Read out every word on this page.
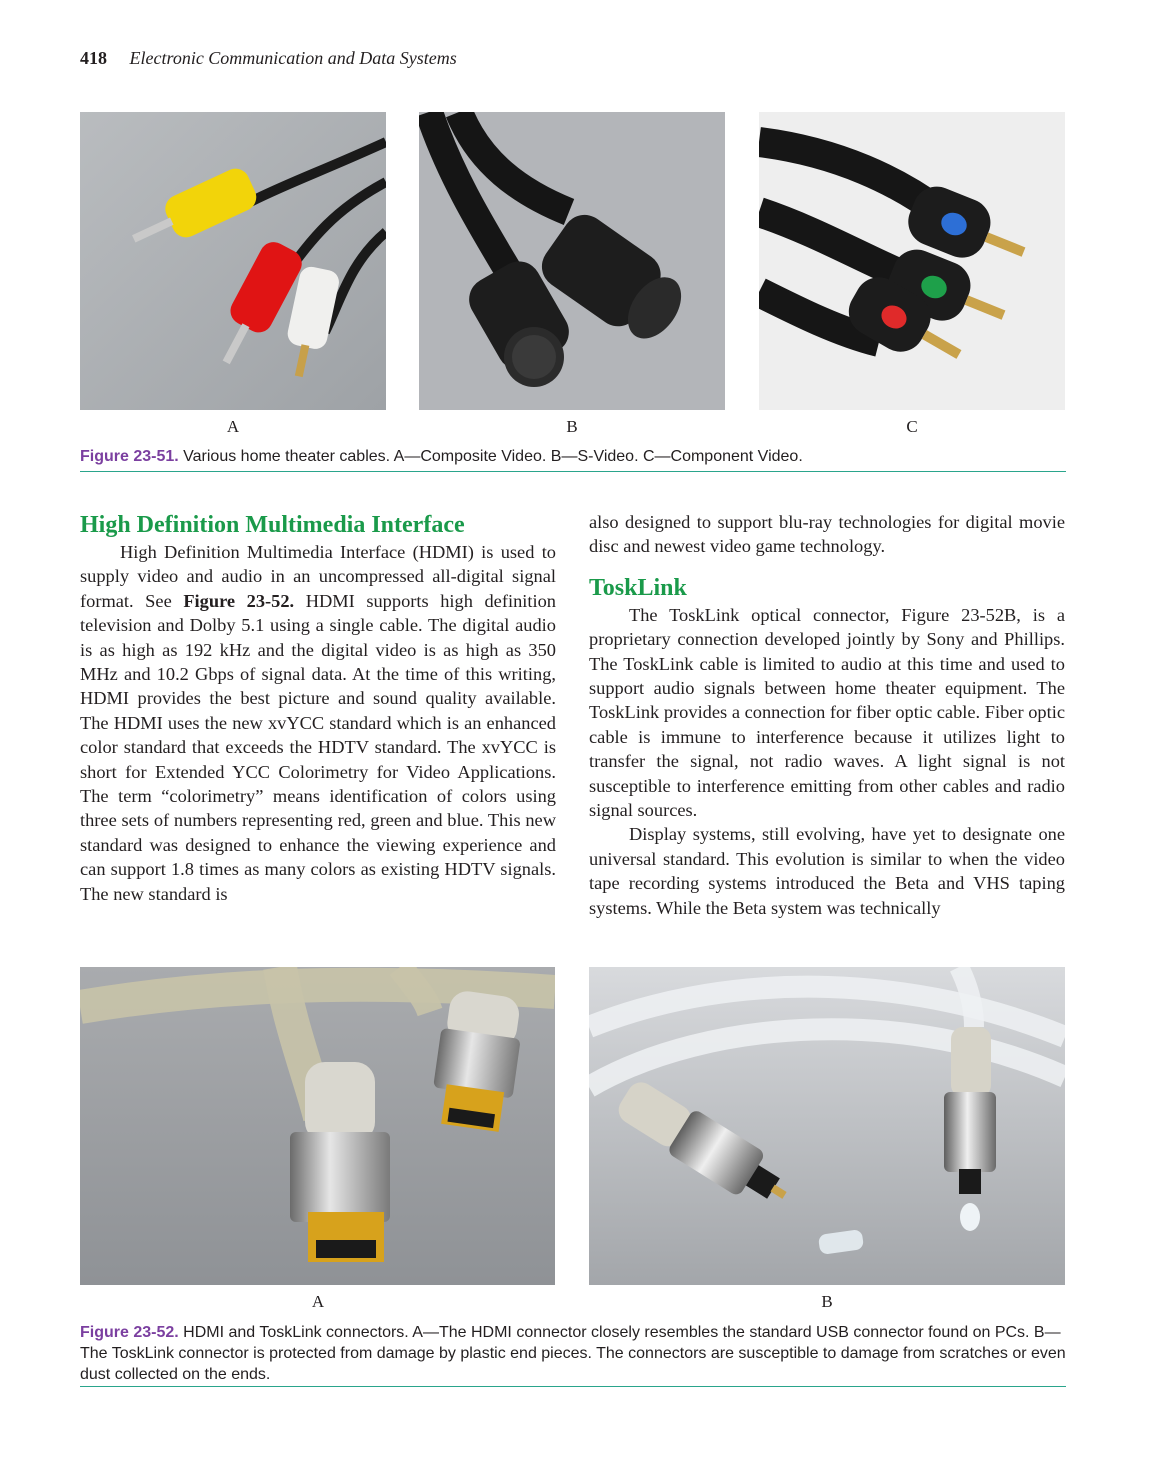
418 Electronic Communication and Data Systems
A	B	C
Figure 23-51. Various home theater cables. A—Composite Video. B—S-Video. C—Component Video.
High Definition Multimedia Interface

High Definition Multimedia Interface (HDMI) is used to supply video and audio in an uncompressed all-digital signal format. See Figure 23-52. HDMI supports high definition television and Dolby 5.1 using a single cable. The digital audio is as high as 192 kHz and the digital video is as high as 350 MHz and 10.2 Gbps of signal data. At the time of this writing, HDMI provides the best picture and sound quality available. The HDMI uses the new xvYCC standard which is an enhanced color standard that exceeds the HDTV standard. The xvYCC is short for Extended YCC Colorimetry for Video Applications. The term “colorimetry” means identification of colors using three sets of numbers representing red, green and blue. This new standard was designed to enhance the viewing experience and can support 1.8 times as many colors as existing HDTV signals. The new standard is

also designed to support blu-ray technologies for digital movie disc and newest video game technology.

ToskLink

The ToskLink optical connector, Figure 23-52B, is a proprietary connection developed jointly by Sony and Phillips. The ToskLink cable is limited to audio at this time and used to support audio signals between home theater equipment. The ToskLink provides a connection for fiber optic cable. Fiber optic cable is immune to interference because it utilizes light to transfer the signal, not radio waves. A light signal is not susceptible to interference emitting from other cables and radio signal sources.

Display systems, still evolving, have yet to designate one universal standard. This evolution is similar to when the video tape recording systems introduced the Beta and VHS taping systems. While the Beta system was technically

A	B
Figure 23-52. HDMI and ToskLink connectors. A—The HDMI connector closely resembles the standard USB connector found on PCs. B—The ToskLink connector is protected from damage by plastic end pieces. The connectors are susceptible to damage from scratches or even dust collected on the ends.
